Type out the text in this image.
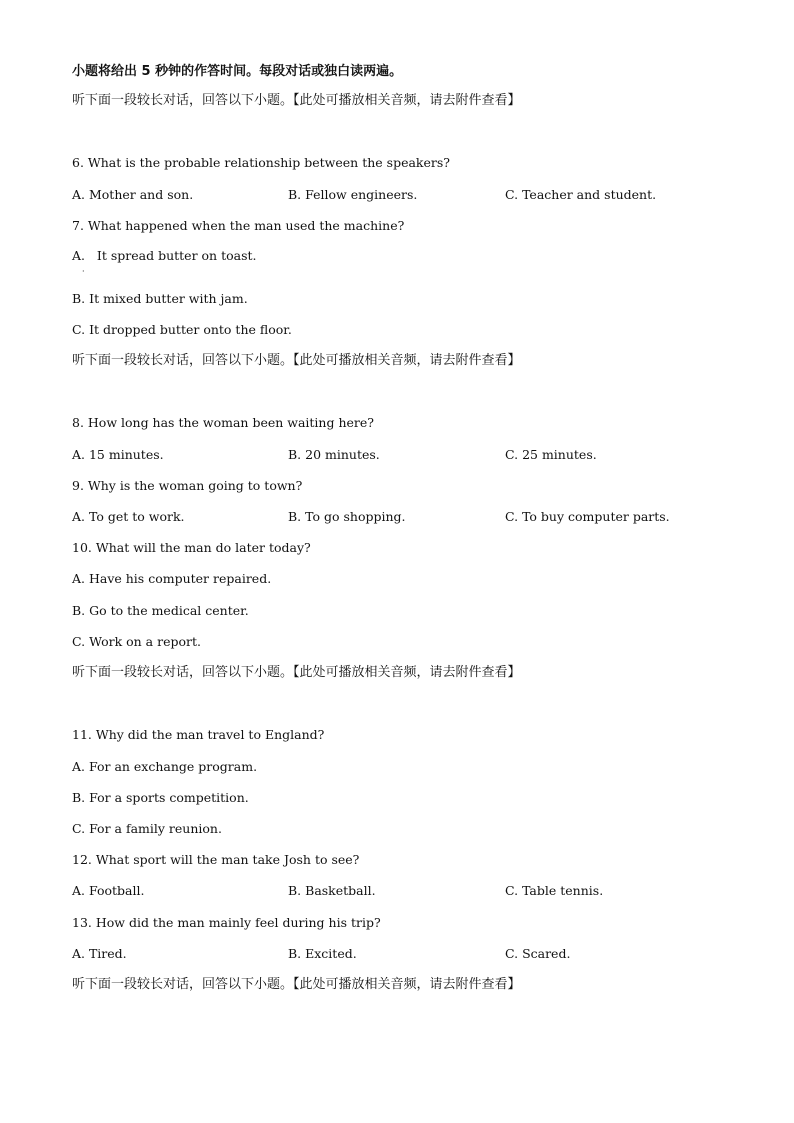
小题将给出 5 秒钟的作答时间。每段对话或独白读两遍。
听下面一段较长对话，回答以下小题。【此处可播放相关音频，请去附件查看】
6. What is the probable relationship between the speakers?
A. Mother and son.	B. Fellow engineers.	C. Teacher and student.
7. What happened when the man used the machine?
A.   It spread butter on toast.
·
B. It mixed butter with jam.
C. It dropped butter onto the floor.
听下面一段较长对话，回答以下小题。【此处可播放相关音频，请去附件查看】
8. How long has the woman been waiting here?
A. 15 minutes.	B. 20 minutes.	C. 25 minutes.
9. Why is the woman going to town?
A. To get to work.	B. To go shopping.	C. To buy computer parts.
10. What will the man do later today?
A. Have his computer repaired.
B. Go to the medical center.
C. Work on a report.
听下面一段较长对话，回答以下小题。【此处可播放相关音频，请去附件查看】
11. Why did the man travel to England?
A. For an exchange program.
B. For a sports competition.
C. For a family reunion.
12. What sport will the man take Josh to see?
A. Football.	B. Basketball.	C. Table tennis.
13. How did the man mainly feel during his trip?
A. Tired.	B. Excited.	C. Scared.
听下面一段较长对话，回答以下小题。【此处可播放相关音频，请去附件查看】
